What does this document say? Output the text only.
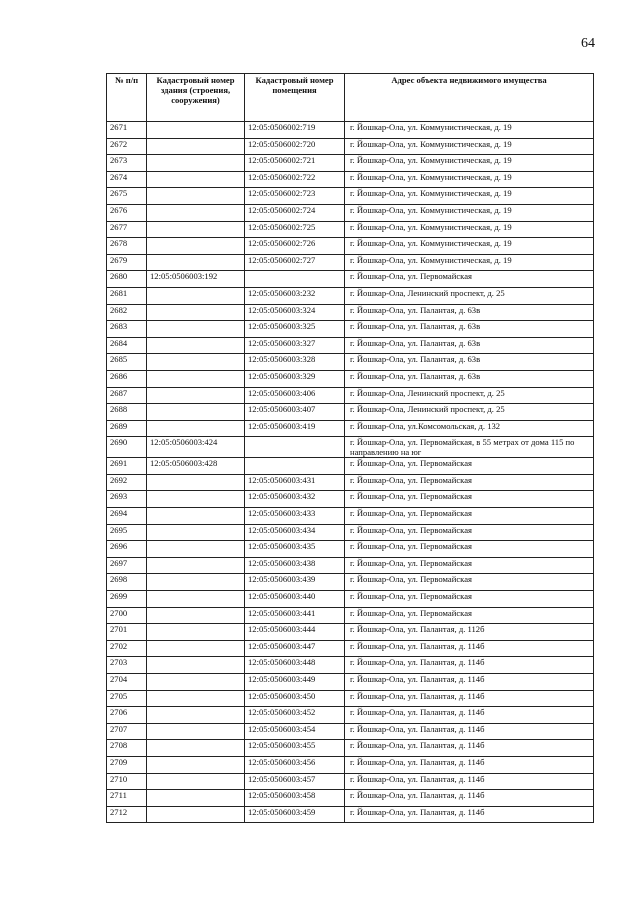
64
№ п/п	Кадастровый номер здания (строения, сооружения)	Кадастровый номер помещения	Адрес объекта недвижимого имущества
2671		12:05:0506002:719	г. Йошкар-Ола, ул. Коммунистическая, д. 19
2672		12:05:0506002:720	г. Йошкар-Ола, ул. Коммунистическая, д. 19
2673		12:05:0506002:721	г. Йошкар-Ола, ул. Коммунистическая, д. 19
2674		12:05:0506002:722	г. Йошкар-Ола, ул. Коммунистическая, д. 19
2675		12:05:0506002:723	г. Йошкар-Ола, ул. Коммунистическая, д. 19
2676		12:05:0506002:724	г. Йошкар-Ола, ул. Коммунистическая, д. 19
2677		12:05:0506002:725	г. Йошкар-Ола, ул. Коммунистическая, д. 19
2678		12:05:0506002:726	г. Йошкар-Ола, ул. Коммунистическая, д. 19
2679		12:05:0506002:727	г. Йошкар-Ола, ул. Коммунистическая, д. 19
2680	12:05:0506003:192		г. Йошкар-Ола, ул. Первомайская
2681		12:05:0506003:232	г. Йошкар-Ола, Ленинский проспект, д. 25
2682		12:05:0506003:324	г. Йошкар-Ола, ул. Палантая, д. 63в
2683		12:05:0506003:325	г. Йошкар-Ола, ул. Палантая, д. 63в
2684		12:05:0506003:327	г. Йошкар-Ола, ул. Палантая, д. 63в
2685		12:05:0506003:328	г. Йошкар-Ола, ул. Палантая, д. 63в
2686		12:05:0506003:329	г. Йошкар-Ола, ул. Палантая, д. 63в
2687		12:05:0506003:406	г. Йошкар-Ола, Ленинский проспект, д. 25
2688		12:05:0506003:407	г. Йошкар-Ола, Ленинский проспект, д. 25
2689		12:05:0506003:419	г. Йошкар-Ола, ул.Комсомольская, д. 132
2690	12:05:0506003:424		г. Йошкар-Ола, ул. Первомайская, в 55 метрах от дома 115 по направлению на юг
2691	12:05:0506003:428		г. Йошкар-Ола, ул. Первомайская
2692		12:05:0506003:431	г. Йошкар-Ола, ул. Первомайская
2693		12:05:0506003:432	г. Йошкар-Ола, ул. Первомайская
2694		12:05:0506003:433	г. Йошкар-Ола, ул. Первомайская
2695		12:05:0506003:434	г. Йошкар-Ола, ул. Первомайская
2696		12:05:0506003:435	г. Йошкар-Ола, ул. Первомайская
2697		12:05:0506003:438	г. Йошкар-Ола, ул. Первомайская
2698		12:05:0506003:439	г. Йошкар-Ола, ул. Первомайская
2699		12:05:0506003:440	г. Йошкар-Ола, ул. Первомайская
2700		12:05:0506003:441	г. Йошкар-Ола, ул. Первомайская
2701		12:05:0506003:444	г. Йошкар-Ола, ул. Палантая, д. 112б
2702		12:05:0506003:447	г. Йошкар-Ола, ул. Палантая, д. 114б
2703		12:05:0506003:448	г. Йошкар-Ола, ул. Палантая, д. 114б
2704		12:05:0506003:449	г. Йошкар-Ола, ул. Палантая, д. 114б
2705		12:05:0506003:450	г. Йошкар-Ола, ул. Палантая, д. 114б
2706		12:05:0506003:452	г. Йошкар-Ола, ул. Палантая, д. 114б
2707		12:05:0506003:454	г. Йошкар-Ола, ул. Палантая, д. 114б
2708		12:05:0506003:455	г. Йошкар-Ола, ул. Палантая, д. 114б
2709		12:05:0506003:456	г. Йошкар-Ола, ул. Палантая, д. 114б
2710		12:05:0506003:457	г. Йошкар-Ола, ул. Палантая, д. 114б
2711		12:05:0506003:458	г. Йошкар-Ола, ул. Палантая, д. 114б
2712		12:05:0506003:459	г. Йошкар-Ола, ул. Палантая, д. 114б
